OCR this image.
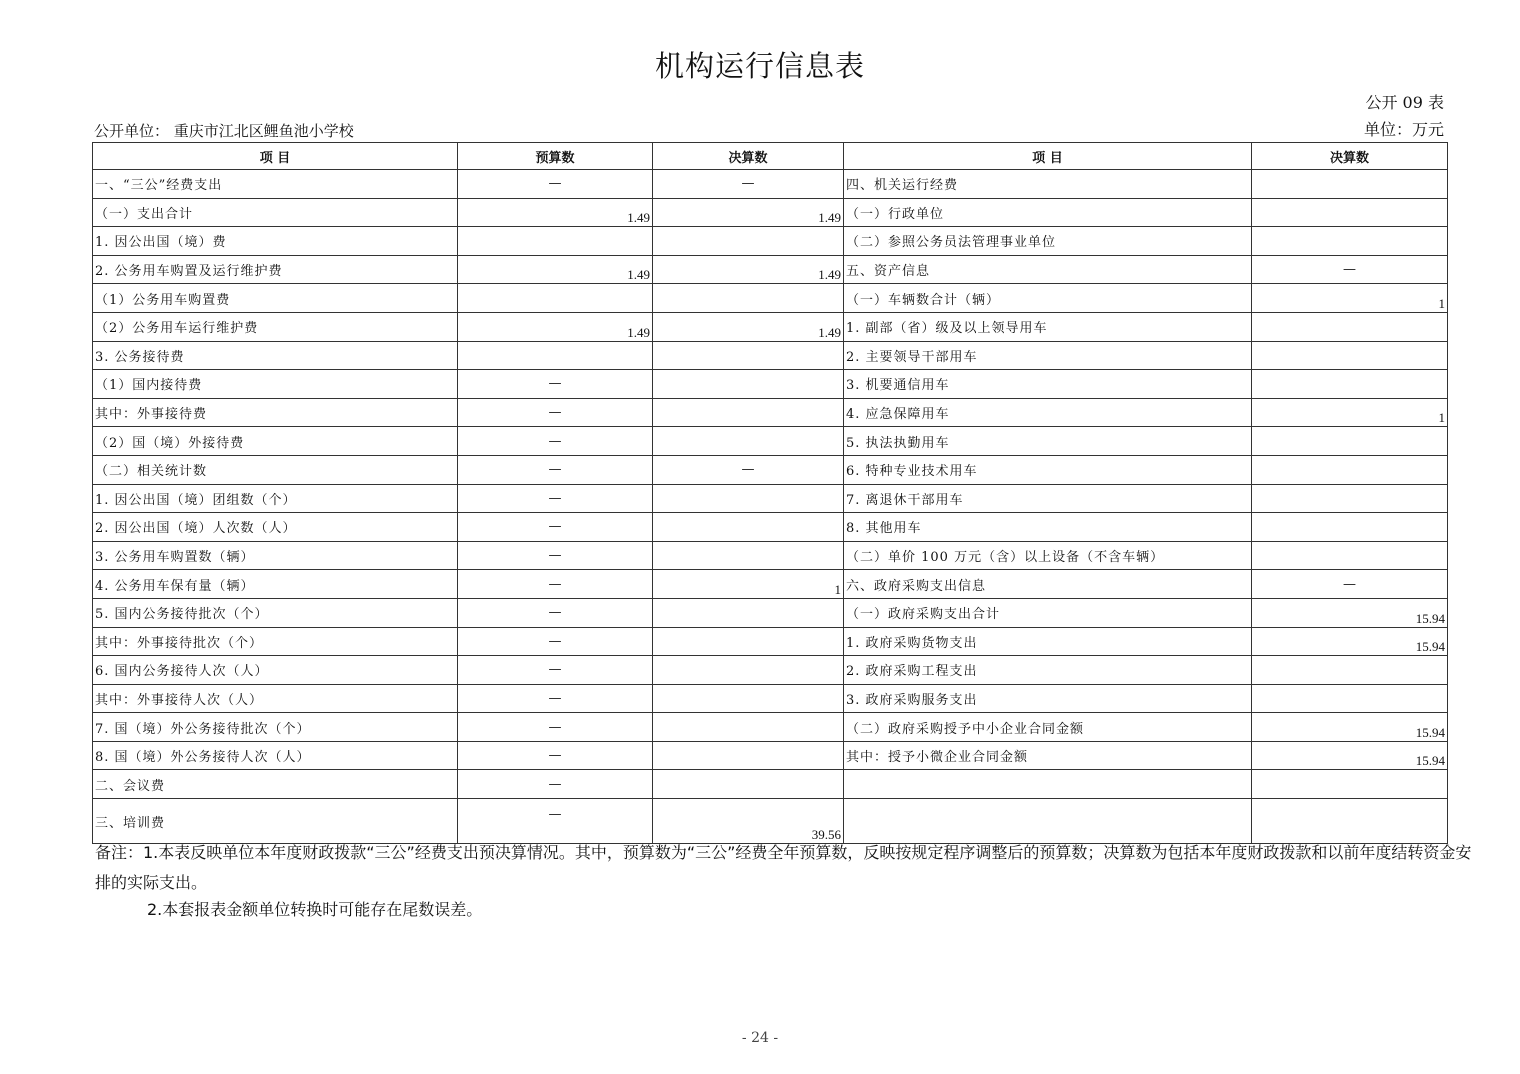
机构运行信息表
公开 09 表
单位：万元
公开单位： 重庆市江北区鲤鱼池小学校
项 目	预算数	决算数	项 目	决算数
一、“三公”经费支出	—	—	四、机关运行经费	
（一）支出合计	1.49	1.49	（一）行政单位	
1. 因公出国（境）费			（二）参照公务员法管理事业单位	
2. 公务用车购置及运行维护费	1.49	1.49	五、资产信息	—
（1）公务用车购置费			（一）车辆数合计（辆）	1
（2）公务用车运行维护费	1.49	1.49	1. 副部（省）级及以上领导用车	
3. 公务接待费			2. 主要领导干部用车	
（1）国内接待费	—		3. 机要通信用车	
其中：外事接待费	—		4. 应急保障用车	1
（2）国（境）外接待费	—		5. 执法执勤用车	
（二）相关统计数	—	—	6. 特种专业技术用车	
1. 因公出国（境）团组数（个）	—		7. 离退休干部用车	
2. 因公出国（境）人次数（人）	—		8. 其他用车	
3. 公务用车购置数（辆）	—		（二）单价 100 万元（含）以上设备（不含车辆）	
4. 公务用车保有量（辆）	—	1	六、政府采购支出信息	—
5. 国内公务接待批次（个）	—		（一）政府采购支出合计	15.94
其中：外事接待批次（个）	—		1. 政府采购货物支出	15.94
6. 国内公务接待人次（人）	—		2. 政府采购工程支出	
其中：外事接待人次（人）	—		3. 政府采购服务支出	
7. 国（境）外公务接待批次（个）	—		（二）政府采购授予中小企业合同金额	15.94
8. 国（境）外公务接待人次（人）	—		其中：授予小微企业合同金额	15.94
二、会议费	—			
三、培训费	—	39.56		
备注：1.本表反映单位本年度财政拨款“三公”经费支出预决算情况。其中，预算数为“三公”经费全年预算数，反映按规定程序调整后的预算数；决算数为包括本年度财政拨款和以前年度结转资金安排的实际支出。
2.本套报表金额单位转换时可能存在尾数误差。
- 24 -
